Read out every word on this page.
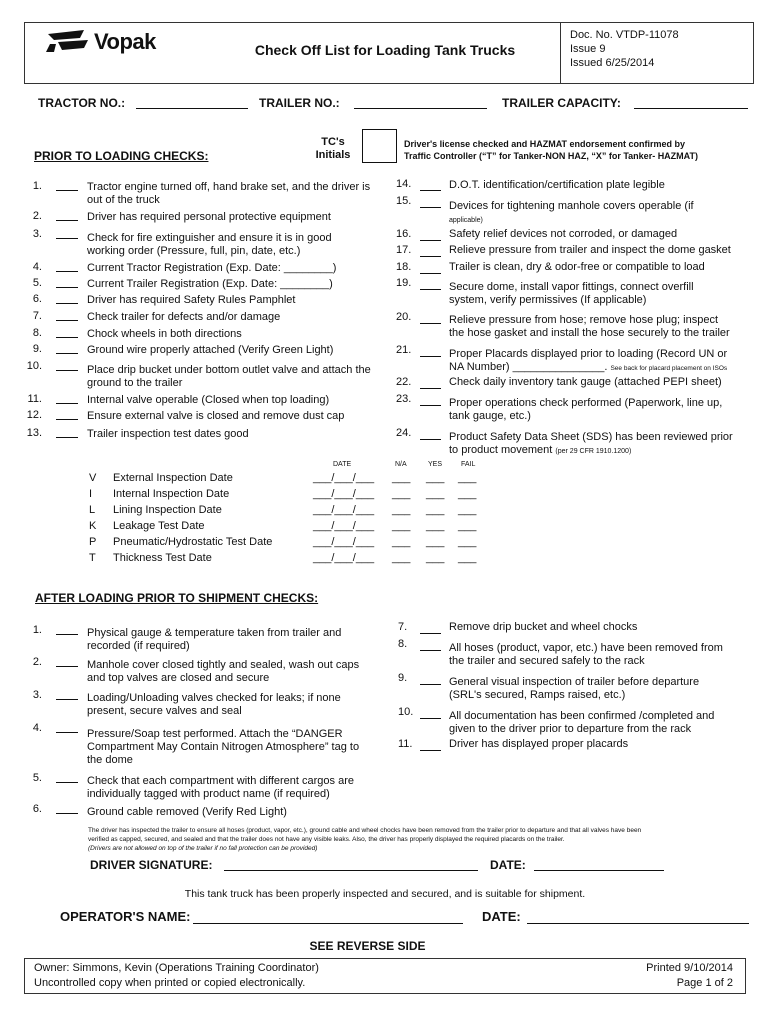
Vopak	Check Off List for Loading Tank Trucks
Doc. No. VTDP-11078
Issue 9
Issued 6/25/2014
TRACTOR NO.:	TRAILER NO.:	TRAILER CAPACITY:
PRIOR TO LOADING CHECKS:
TC's
Initials
Driver's license checked and HAZMAT endorsement confirmed by
Traffic Controller (“T” for Tanker-NON HAZ, “X” for Tanker- HAZMAT)
1.	Tractor engine turned off, hand brake set, and the driver is
out of the truck
2.	Driver has required personal protective equipment
3.	Check for fire extinguisher and ensure it is in good
working order (Pressure, full, pin, date, etc.)
4.	Current Tractor Registration (Exp. Date: ________)
5.	Current Trailer Registration (Exp. Date: ________)
6.	Driver has required Safety Rules Pamphlet
7.	Check trailer for defects and/or damage
8.	Chock wheels in both directions
9.	Ground wire properly attached (Verify Green Light)
10.	Place drip bucket under bottom outlet valve and attach the
ground to the trailer
11.	Internal valve operable (Closed when top loading)
12.	Ensure external valve is closed and remove dust cap
13.	Trailer inspection test dates good
14.	D.O.T. identification/certification plate legible
15.	Devices for tightening manhole covers operable (if
applicable)
16.	Safety relief devices not corroded, or damaged
17.	Relieve pressure from trailer and inspect the dome gasket
18.	Trailer is clean, dry & odor-free or compatible to load
19.	Secure dome, install vapor fittings, connect overfill
system, verify permissives (If applicable)
20.	Relieve pressure from hose; remove hose plug; inspect
the hose gasket and install the hose securely to the trailer
21.	Proper Placards displayed prior to loading (Record UN or
NA Number) _______________. See back for placard placement on ISOs
22.	Check daily inventory tank gauge (attached PEPI sheet)
23.	Proper operations check performed (Paperwork, line up,
tank gauge, etc.)
24.	Product Safety Data Sheet (SDS) has been reviewed prior
to product movement (per 29 CFR 1910.1200)
DATE	N/A	YES	FAIL
V External Inspection Date	___/___/___ ___ ___ ___
I Internal Inspection Date	___/___/___ ___ ___ ___
L Lining Inspection Date	___/___/___ ___ ___ ___
K Leakage Test Date	___/___/___ ___ ___ ___
P Pneumatic/Hydrostatic Test Date	___/___/___ ___ ___ ___
T Thickness Test Date	___/___/___ ___ ___ ___
AFTER LOADING PRIOR TO SHIPMENT CHECKS:
1.	Physical gauge & temperature taken from trailer and
recorded (if required)
2.	Manhole cover closed tightly and sealed, wash out caps
and top valves are closed and secure
3.	Loading/Unloading valves checked for leaks; if none
present, secure valves and seal
4.	Pressure/Soap test performed. Attach the “DANGER
Compartment May Contain Nitrogen Atmosphere” tag to
the dome
5.	Check that each compartment with different cargos are
individually tagged with product name (if required)
6.	Ground cable removed (Verify Red Light)
7.	Remove drip bucket and wheel chocks
8.	All hoses (product, vapor, etc.) have been removed from
the trailer and secured safely to the rack
9.	General visual inspection of trailer before departure
(SRL's secured, Ramps raised, etc.)
10.	All documentation has been confirmed /completed and
given to the driver prior to departure from the rack
11.	Driver has displayed proper placards
The driver has inspected the trailer to ensure all hoses (product, vapor, etc.), ground cable and wheel chocks have been removed from the trailer prior to departure and that all valves have been
verified as capped, secured, and sealed and that the trailer does not have any visible leaks. Also, the driver has properly displayed the required placards on the trailer.
(Drivers are not allowed on top of the trailer if no fall protection can be provided)
DRIVER SIGNATURE:	DATE:
This tank truck has been properly inspected and secured, and is suitable for shipment.
OPERATOR'S NAME:	DATE:
SEE REVERSE SIDE
Owner: Simmons, Kevin (Operations Training Coordinator)
Uncontrolled copy when printed or copied electronically.
Printed 9/10/2014
Page 1 of 2
